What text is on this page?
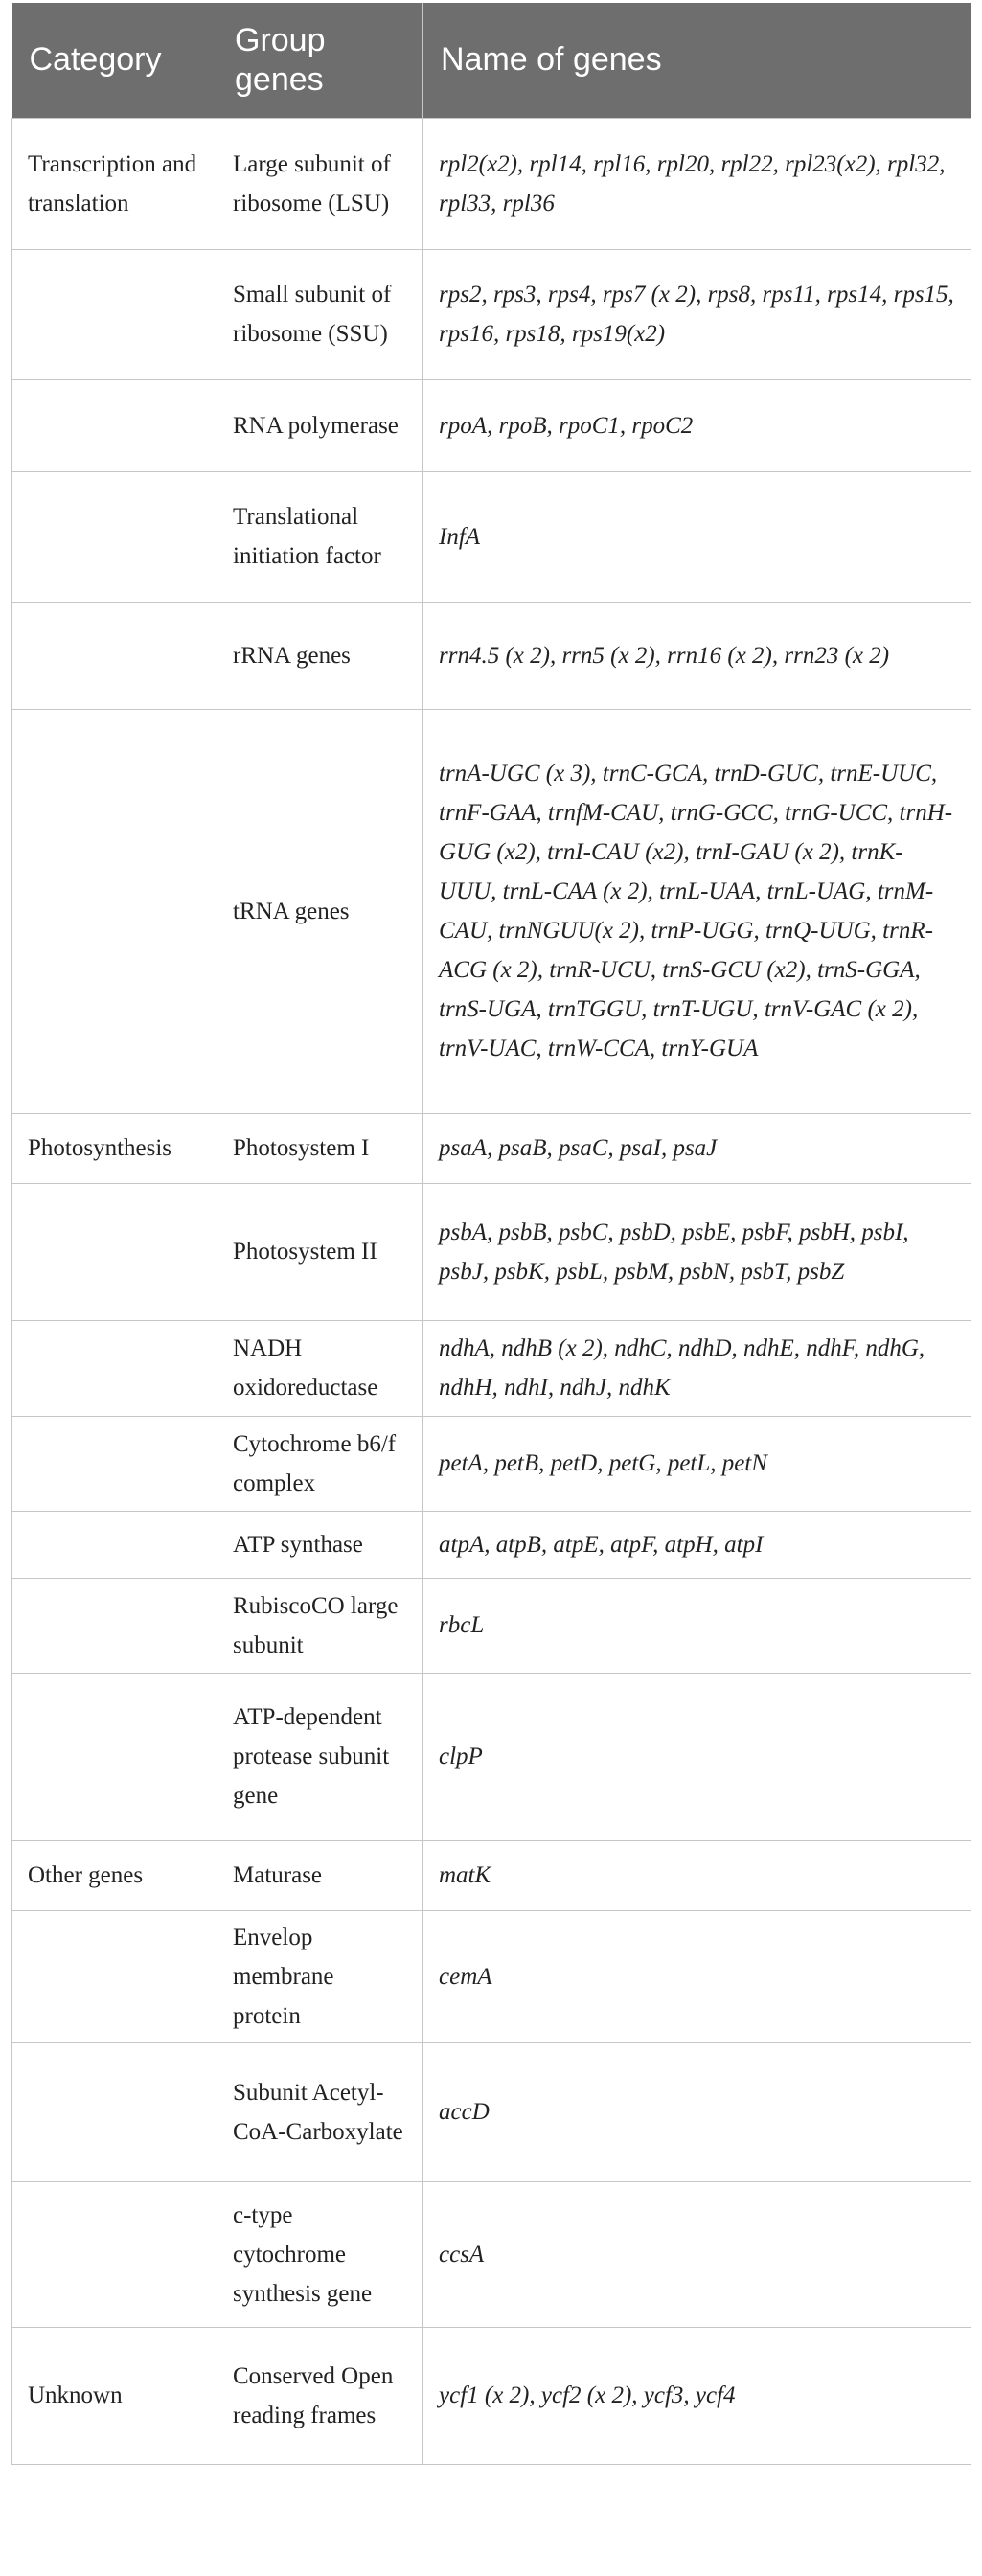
Category	Group genes	Name of genes
Transcription and translation	Large subunit of ribosome (LSU)	rpl2(x2), rpl14, rpl16, rpl20, rpl22, rpl23(x2), rpl32, rpl33, rpl36
	Small subunit of ribosome (SSU)	rps2, rps3, rps4, rps7 (x 2), rps8, rps11, rps14, rps15, rps16, rps18, rps19(x2)
	RNA polymerase	rpoA, rpoB, rpoC1, rpoC2
	Translational initiation factor	InfA
	rRNA genes	rrn4.5 (x 2), rrn5 (x 2), rrn16 (x 2), rrn23 (x 2)
	tRNA genes	trnA-UGC (x 3), trnC-GCA, trnD-GUC, trnE-UUC, trnF-GAA, trnfM-CAU, trnG-GCC, trnG-UCC, trnH-GUG (x2), trnI-CAU (x2), trnI-GAU (x 2), trnK-UUU, trnL-CAA (x 2), trnL-UAA, trnL-UAG, trnM-CAU, trnNGUU(x 2), trnP-UGG, trnQ-UUG, trnR-ACG (x 2), trnR-UCU, trnS-GCU (x2), trnS-GGA, trnS-UGA, trnTGGU, trnT-UGU, trnV-GAC (x 2), trnV-UAC, trnW-CCA, trnY-GUA
Photosynthesis	Photosystem I	psaA, psaB, psaC, psaI, psaJ
	Photosystem II	psbA, psbB, psbC, psbD, psbE, psbF, psbH, psbI, psbJ, psbK, psbL, psbM, psbN, psbT, psbZ
	NADH oxidoreductase	ndhA, ndhB (x 2), ndhC, ndhD, ndhE, ndhF, ndhG, ndhH, ndhI, ndhJ, ndhK
	Cytochrome b6/f complex	petA, petB, petD, petG, petL, petN
	ATP synthase	atpA, atpB, atpE, atpF, atpH, atpI
	RubiscoCO large subunit	rbcL
	ATP-dependent protease subunit gene	clpP
Other genes	Maturase	matK
	Envelop membrane protein	cemA
	Subunit Acetyl- CoA-Carboxylate	accD
	c-type cytochrome synthesis gene	ccsA
Unknown	Conserved Open reading frames	ycf1 (x 2), ycf2 (x 2), ycf3, ycf4
